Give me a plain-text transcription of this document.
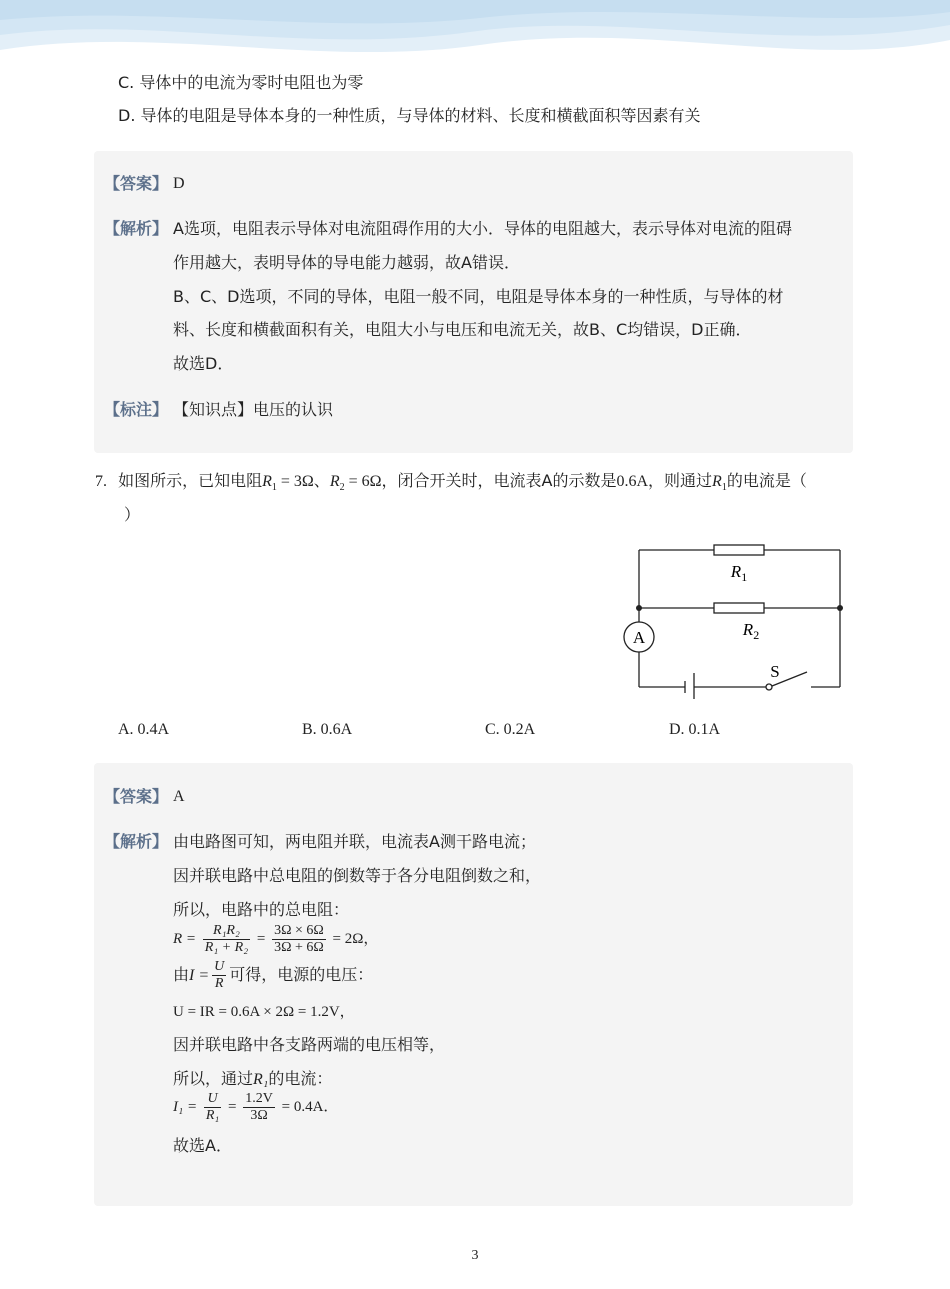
C. 导体中的电流为零时电阻也为零
D. 导体的电阻是导体本身的一种性质，与导体的材料、长度和横截面积等因素有关
【答案】 D
【解析】 A选项，电阻表示导体对电流阻碍作用的大小．导体的电阻越大，表示导体对电流的阻碍
作用越大，表明导体的导电能力越弱，故A错误．
B、C、D选项，不同的导体，电阻一般不同，电阻是导体本身的一种性质，与导体的材
料、长度和横截面积有关，电阻大小与电压和电流无关，故B、C均错误，D正确．
故选D．
【标注】 【知识点】电压的认识
7. 如图所示，已知电阻$R_1 = 3\Omega$、$R_2 = 6\Omega$，闭合开关时，电流表A的示数是0.6A，则通过$R_1$的电流是（
）
$R_1$
$R_2$
A
S
A. 0.4A	B. 0.6A	C. 0.2A	D. 0.1A
【答案】 A
【解析】 由电路图可知，两电阻并联，电流表A测干路电流；
因并联电路中总电阻的倒数等于各分电阻倒数之和，
所以，电路中的总电阻：
$R = \frac{\text{R₁R₂}}{\text{R₁ + R₂}} = \frac{3\Omega \times 6\Omega}{3\Omega + 6\Omega} = 2\Omega$，
由$I = \frac{U}{R}$ 可得，电源的电压：
U = IR = 0.6A × 2Ω = 1.2V，
因并联电路中各支路两端的电压相等，
所以，通过R₁的电流：
$I_1 = \frac{U}{\text{R₁}} = \frac{1.2V}{3\Omega} = 0.4A$．
故选A．
3
